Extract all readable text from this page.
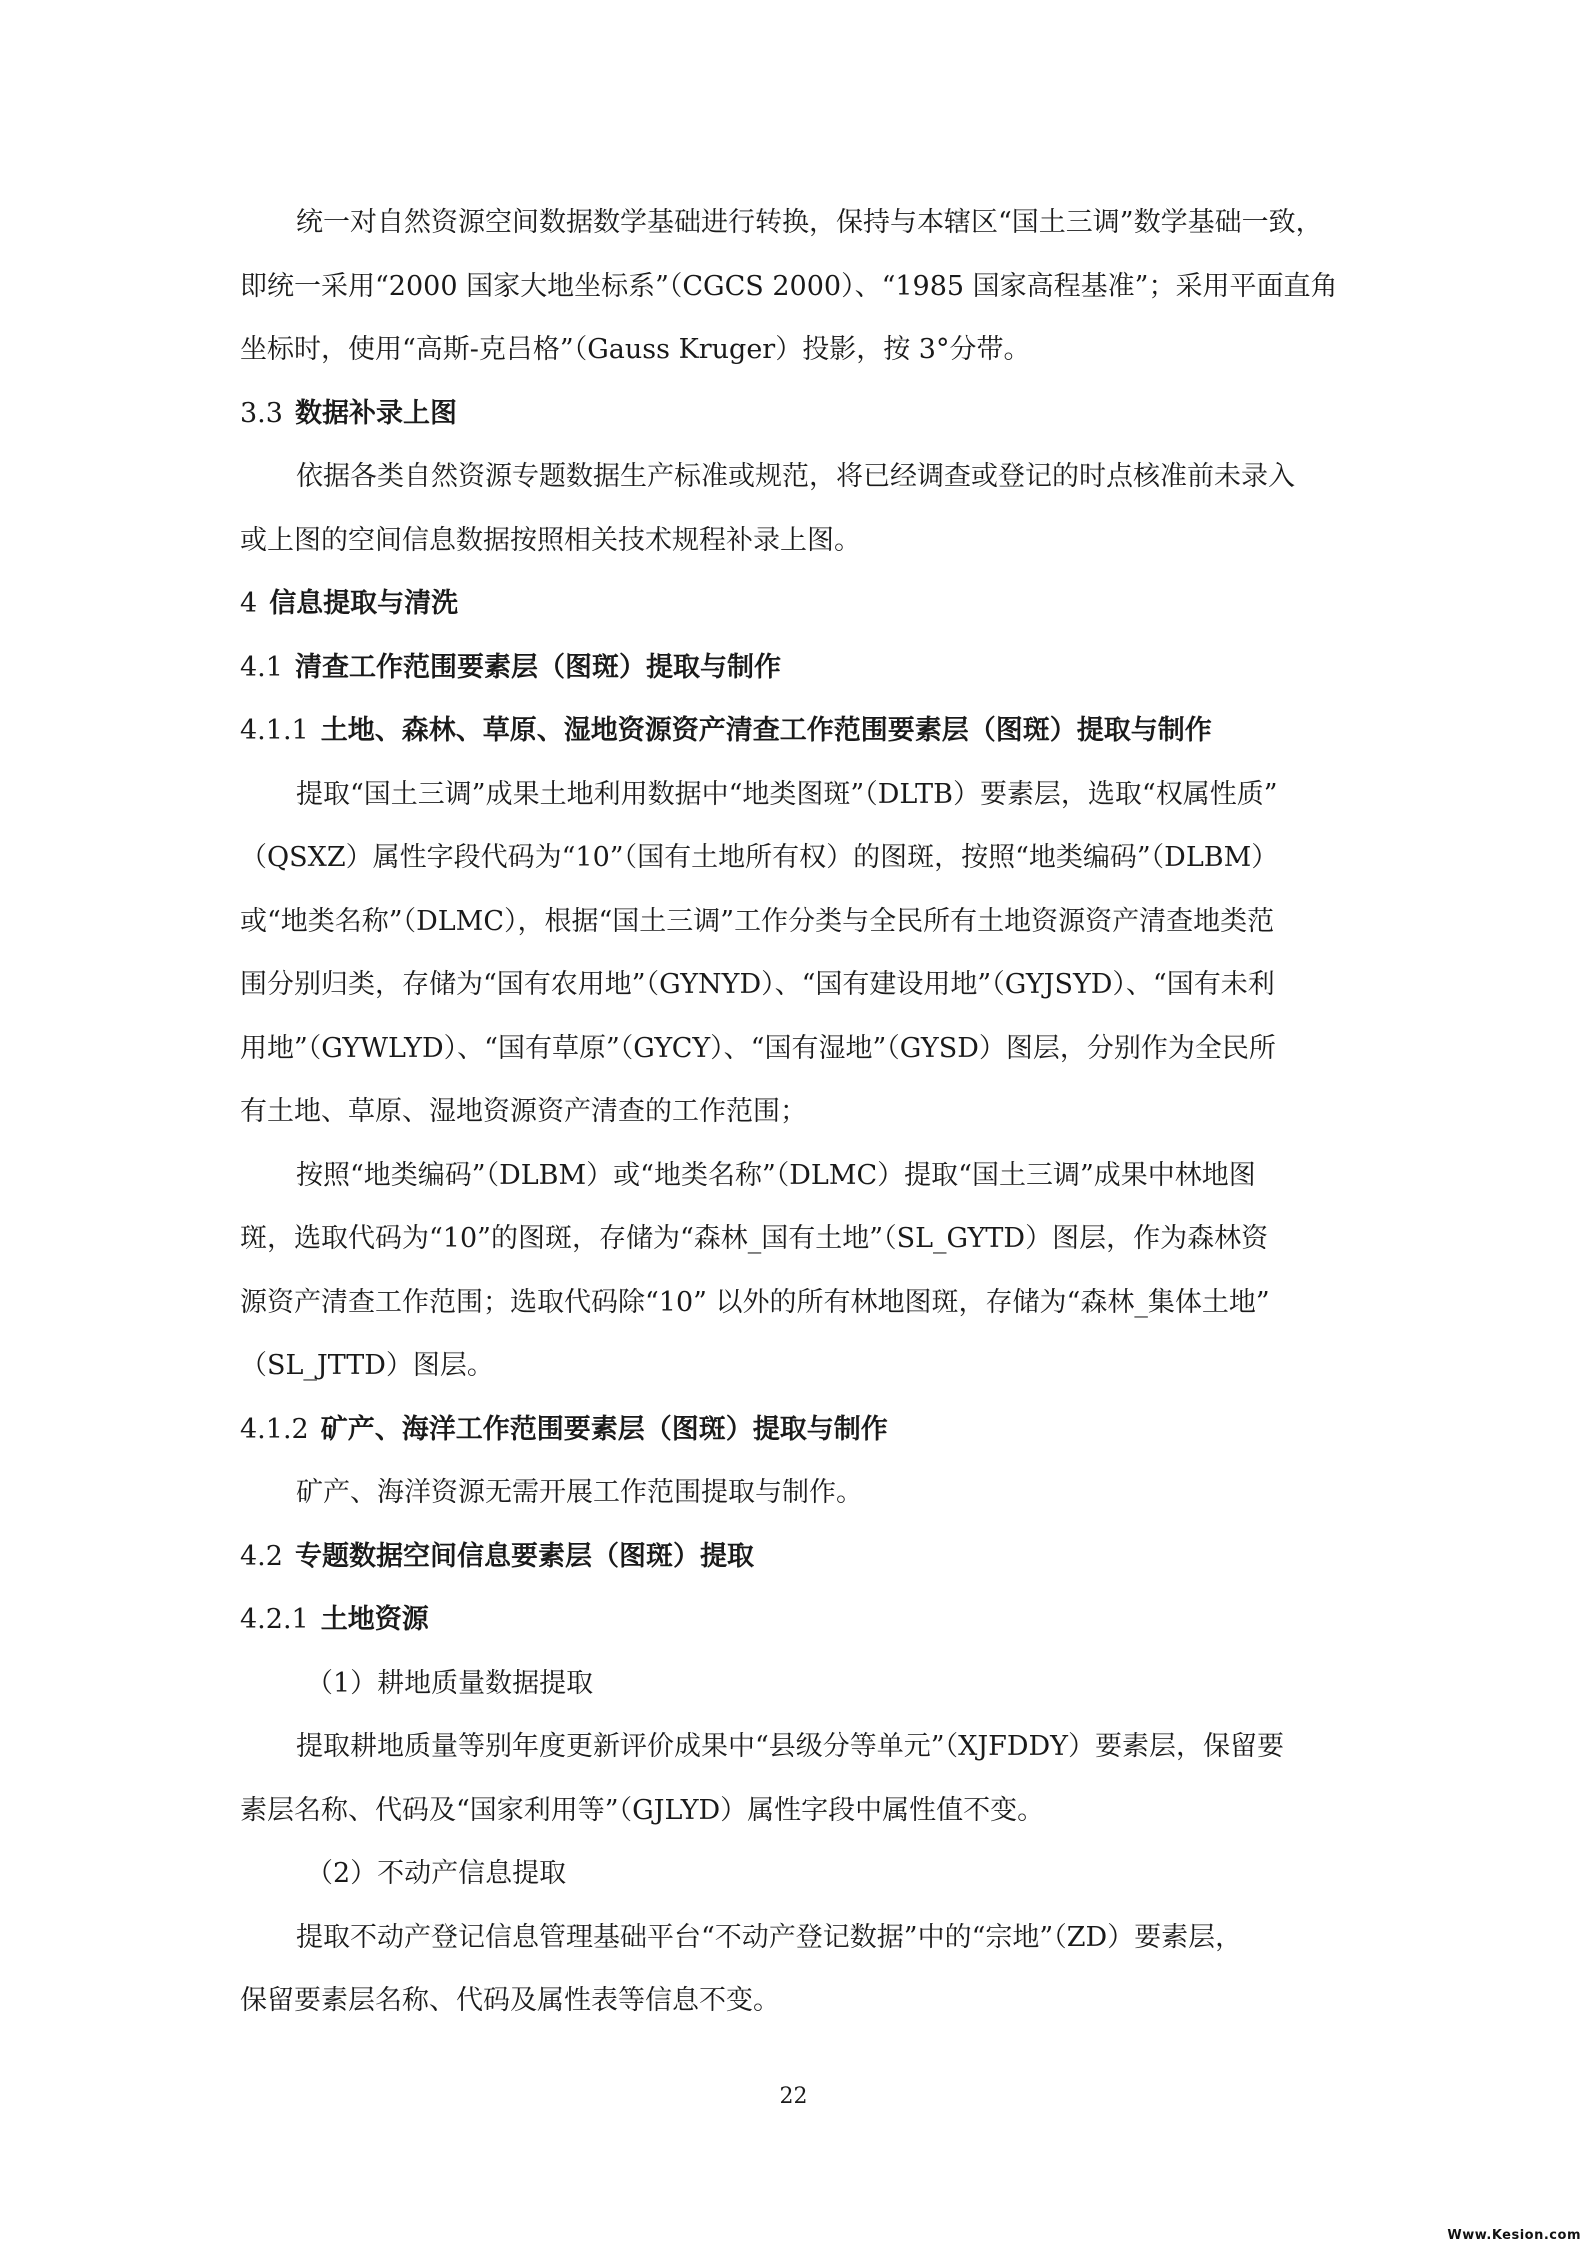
统一对自然资源空间数据数学基础进行转换，保持与本辖区“国土三调”数学基础一致，
即统一采用“2000 国家大地坐标系”（CGCS 2000）、“1985 国家高程基准”；采用平面直角
坐标时，使用“高斯-克吕格”（Gauss Kruger）投影，按 3°分带。
3.3 数据补录上图
依据各类自然资源专题数据生产标准或规范，将已经调查或登记的时点核准前未录入
或上图的空间信息数据按照相关技术规程补录上图。
4 信息提取与清洗
4.1 清查工作范围要素层（图斑）提取与制作
4.1.1 土地、森林、草原、湿地资源资产清查工作范围要素层（图斑）提取与制作
提取“国土三调”成果土地利用数据中“地类图斑”（DLTB）要素层，选取“权属性质”
（QSXZ）属性字段代码为“10”（国有土地所有权）的图斑，按照“地类编码”（DLBM）
或“地类名称”（DLMC），根据“国土三调”工作分类与全民所有土地资源资产清查地类范
围分别归类，存储为“国有农用地”（GYNYD）、“国有建设用地”（GYJSYD）、“国有未利
用地”（GYWLYD）、“国有草原”（GYCY）、“国有湿地”（GYSD）图层，分别作为全民所
有土地、草原、湿地资源资产清查的工作范围；
按照“地类编码”（DLBM）或“地类名称”（DLMC）提取“国土三调”成果中林地图
斑，选取代码为“10”的图斑，存储为“森林_国有土地”（SL_GYTD）图层，作为森林资
源资产清查工作范围；选取代码除“10” 以外的所有林地图斑，存储为“森林_集体土地”
（SL_JTTD）图层。
4.1.2 矿产、海洋工作范围要素层（图斑）提取与制作
矿产、海洋资源无需开展工作范围提取与制作。
4.2 专题数据空间信息要素层（图斑）提取
4.2.1 土地资源
（1）耕地质量数据提取
提取耕地质量等别年度更新评价成果中“县级分等单元”（XJFDDY）要素层，保留要
素层名称、代码及“国家利用等”（GJLYD）属性字段中属性值不变。
（2）不动产信息提取
提取不动产登记信息管理基础平台“不动产登记数据”中的“宗地”（ZD）要素层，
保留要素层名称、代码及属性表等信息不变。
22
Www.Kesion.com
